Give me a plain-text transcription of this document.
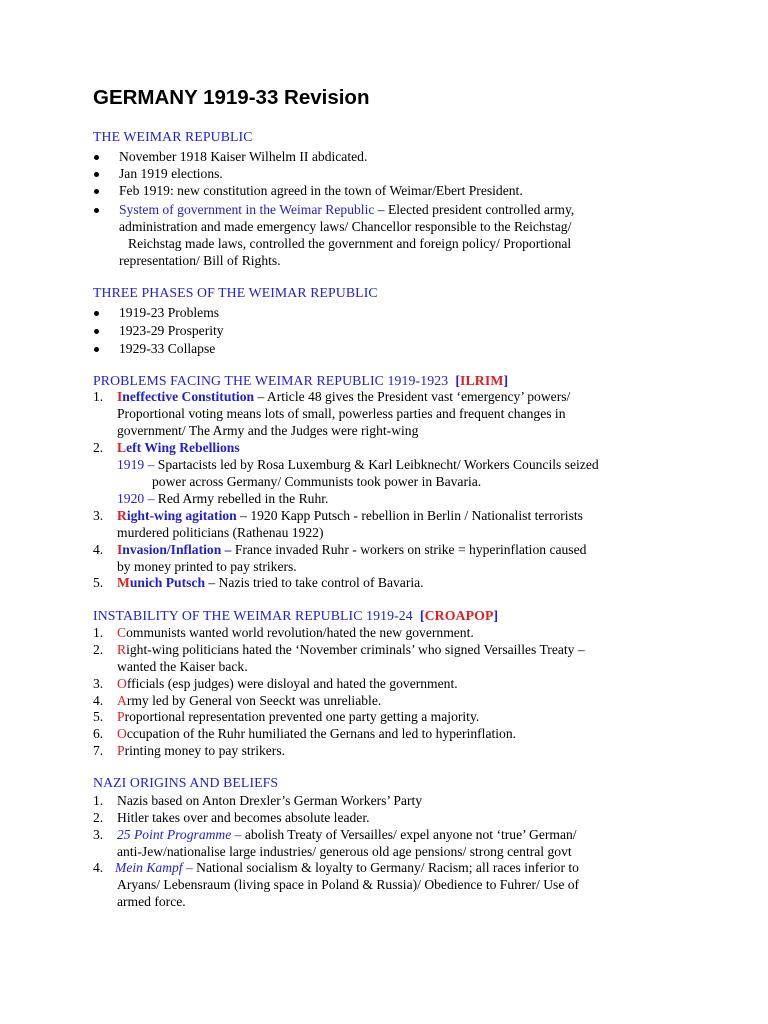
GERMANY 1919-33 Revision
THE WEIMAR REPUBLIC
November 1918 Kaiser Wilhelm II abdicated.
Jan 1919 elections.
Feb 1919: new constitution agreed in the town of Weimar/Ebert President.
System of government in the Weimar Republic – Elected president controlled army,
administration and made emergency laws/ Chancellor responsible to the Reichstag/
Reichstag made laws, controlled the government and foreign policy/ Proportional
representation/ Bill of Rights.
THREE PHASES OF THE WEIMAR REPUBLIC
1919-23 Problems
1923-29 Prosperity
1929-33 Collapse
PROBLEMS FACING THE WEIMAR REPUBLIC 1919-1923 [ILRIM]
1. Ineffective Constitution – Article 48 gives the President vast ‘emergency’ powers/
Proportional voting means lots of small, powerless parties and frequent changes in
government/ The Army and the Judges were right-wing
2. Left Wing Rebellions
1919 – Spartacists led by Rosa Luxemburg & Karl Leibknecht/ Workers Councils seized
power across Germany/ Communists took power in Bavaria.
1920 – Red Army rebelled in the Ruhr.
3. Right-wing agitation – 1920 Kapp Putsch - rebellion in Berlin / Nationalist terrorists
murdered politicians (Rathenau 1922)
4. Invasion/Inflation – France invaded Ruhr - workers on strike = hyperinflation caused
by money printed to pay strikers.
5. Munich Putsch – Nazis tried to take control of Bavaria.
INSTABILITY OF THE WEIMAR REPUBLIC 1919-24 [CROAPOP]
1. Communists wanted world revolution/hated the new government.
2. Right-wing politicians hated the ‘November criminals’ who signed Versailles Treaty –
wanted the Kaiser back.
3. Officials (esp judges) were disloyal and hated the government.
4. Army led by General von Seeckt was unreliable.
5. Proportional representation prevented one party getting a majority.
6. Occupation of the Ruhr humiliated the Gernans and led to hyperinflation.
7. Printing money to pay strikers.
NAZI ORIGINS AND BELIEFS
1. Nazis based on Anton Drexler’s German Workers’ Party
2. Hitler takes over and becomes absolute leader.
3. 25 Point Programme – abolish Treaty of Versailles/ expel anyone not ‘true’ German/
anti-Jew/nationalise large industries/ generous old age pensions/ strong central govt
4. Mein Kampf – National socialism & loyalty to Germany/ Racism; all races inferior to
Aryans/ Lebensraum (living space in Poland & Russia)/ Obedience to Fuhrer/ Use of
armed force.
